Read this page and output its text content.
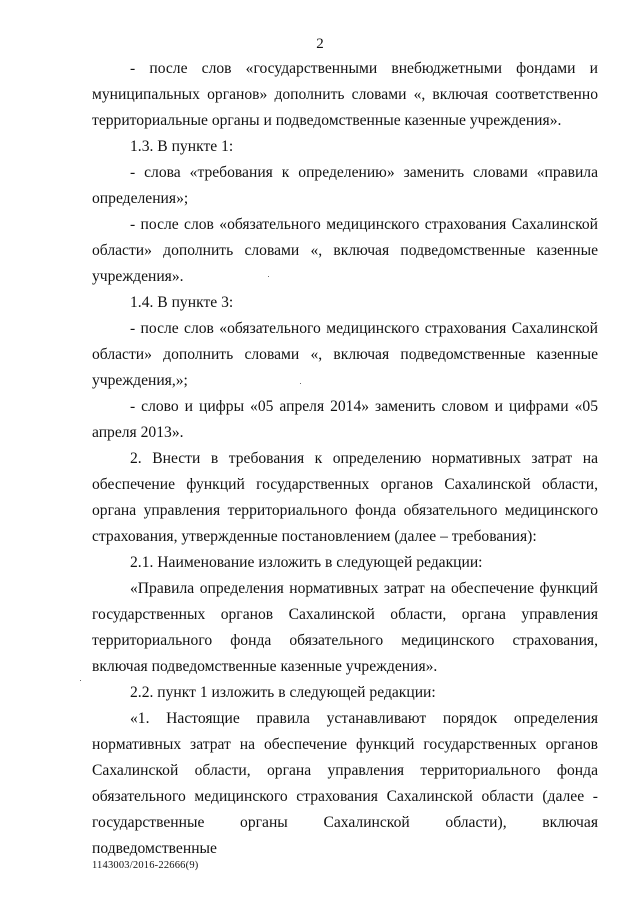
2

- после слов «государственными внебюджетными фондами и муниципальных органов» дополнить словами «, включая соответственно территориальные органы и подведомственные казенные учреждения».

1.3. В пункте 1:

- слова «требования к определению» заменить словами «правила определения»;

- после слов «обязательного медицинского страхования Сахалинской области» дополнить словами «, включая подведомственные казенные учреждения».

1.4. В пункте 3:

- после слов «обязательного медицинского страхования Сахалинской области» дополнить словами «, включая подведомственные казенные учреждения,»;

- слово и цифры «05 апреля 2014» заменить словом и цифрами «05 апреля 2013».

2. Внести в требования к определению нормативных затрат на обеспечение функций государственных органов Сахалинской области, органа управления территориального фонда обязательного медицинского страхования, утвержденные постановлением (далее – требования):

2.1. Наименование изложить в следующей редакции:

«Правила определения нормативных затрат на обеспечение функций государственных органов Сахалинской области, органа управления территориального фонда обязательного медицинского страхования, включая подведомственные казенные учреждения».

2.2. пункт 1 изложить в следующей редакции:

«1. Настоящие правила устанавливают порядок определения нормативных затрат на обеспечение функций государственных органов Сахалинской области, органа управления территориального фонда обязательного медицинского страхования Сахалинской области (далее - государственные органы Сахалинской области), включая подведомственные

1143003/2016-22666(9)
